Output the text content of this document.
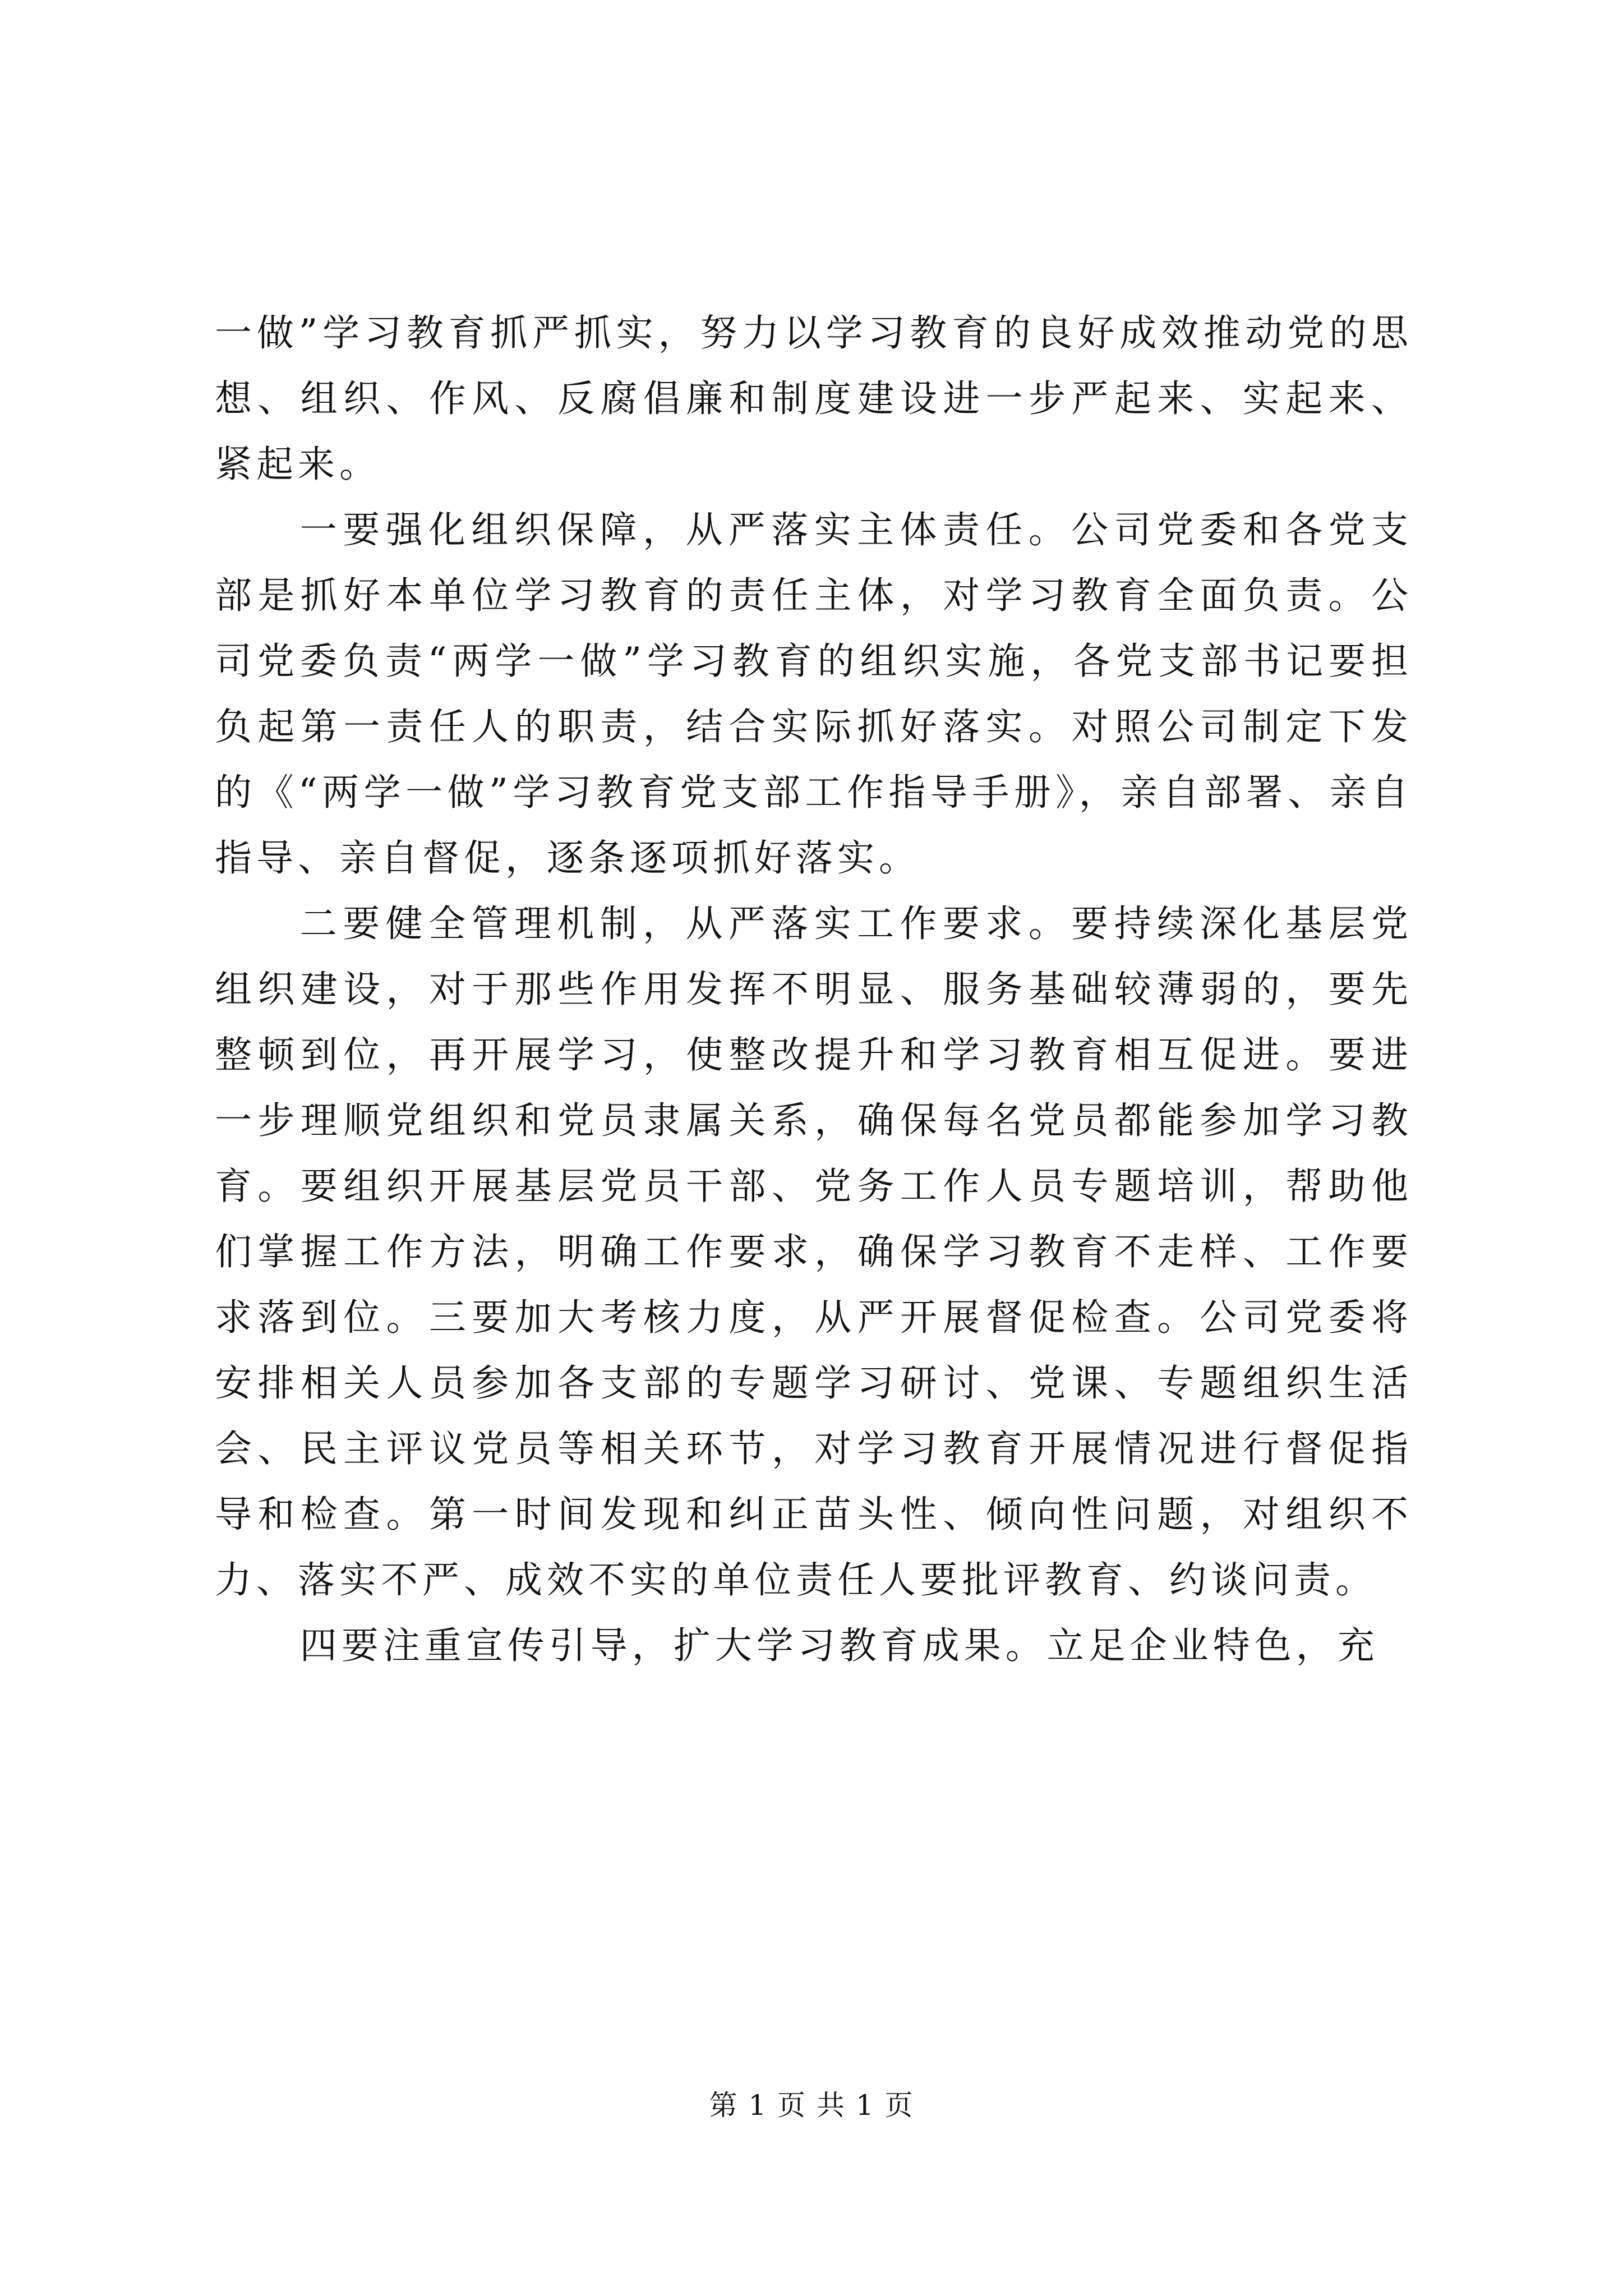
一做”学习教育抓严抓实，努力以学习教育的良好成效推动党的思想、组织、作风、反腐倡廉和制度建设进一步严起来、实起来、紧起来。

一要强化组织保障，从严落实主体责任。公司党委和各党支部是抓好本单位学习教育的责任主体，对学习教育全面负责。公司党委负责“两学一做”学习教育的组织实施，各党支部书记要担负起第一责任人的职责，结合实际抓好落实。对照公司制定下发的《“两学一做”学习教育党支部工作指导手册》，亲自部署、亲自指导、亲自督促，逐条逐项抓好落实。

二要健全管理机制，从严落实工作要求。要持续深化基层党组织建设，对于那些作用发挥不明显、服务基础较薄弱的，要先整顿到位，再开展学习，使整改提升和学习教育相互促进。要进一步理顺党组织和党员隶属关系，确保每名党员都能参加学习教育。要组织开展基层党员干部、党务工作人员专题培训，帮助他们掌握工作方法，明确工作要求，确保学习教育不走样、工作要求落到位。三要加大考核力度，从严开展督促检查。公司党委将安排相关人员参加各支部的专题学习研讨、党课、专题组织生活会、民主评议党员等相关环节，对学习教育开展情况进行督促指导和检查。第一时间发现和纠正苗头性、倾向性问题，对组织不力、落实不严、成效不实的单位责任人要批评教育、约谈问责。

四要注重宣传引导，扩大学习教育成果。立足企业特色，充

第 1 页 共 1 页
